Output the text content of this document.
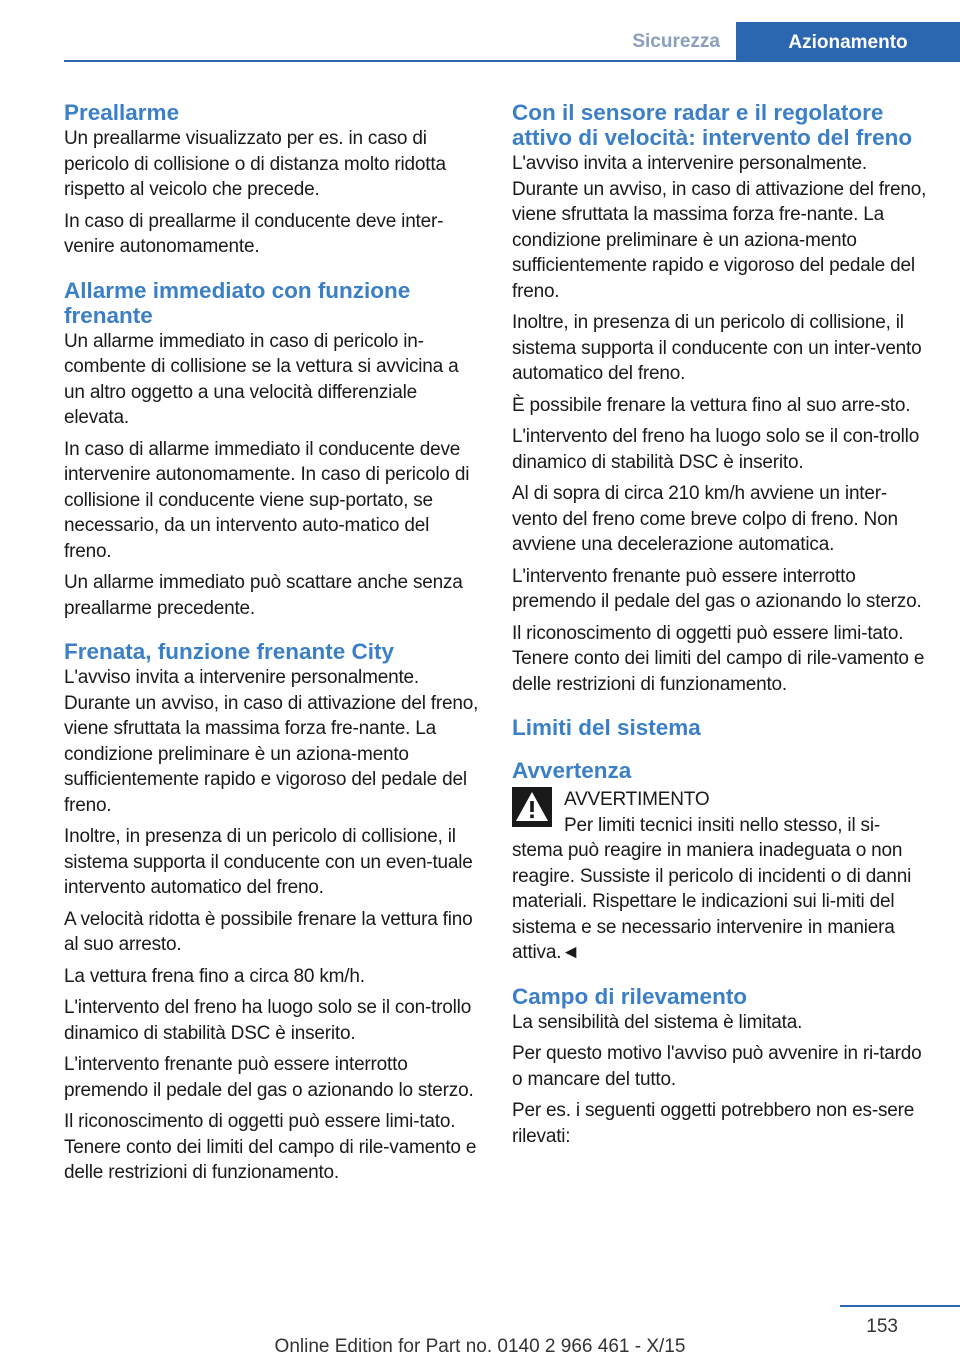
Sicurezza	Azionamento
Preallarme

Un preallarme visualizzato per es. in caso di pericolo di collisione o di distanza molto ridotta rispetto al veicolo che precede.

In caso di preallarme il conducente deve inter-venire autonomamente.

Allarme immediato con funzione frenante

Un allarme immediato in caso di pericolo in-combente di collisione se la vettura si avvicina a un altro oggetto a una velocità differenziale elevata.

In caso di allarme immediato il conducente deve intervenire autonomamente. In caso di pericolo di collisione il conducente viene sup-portato, se necessario, da un intervento auto-matico del freno.

Un allarme immediato può scattare anche senza preallarme precedente.

Frenata, funzione frenante City

L'avviso invita a intervenire personalmente. Durante un avviso, in caso di attivazione del freno, viene sfruttata la massima forza fre-nante. La condizione preliminare è un aziona-mento sufficientemente rapido e vigoroso del pedale del freno.

Inoltre, in presenza di un pericolo di collisione, il sistema supporta il conducente con un even-tuale intervento automatico del freno.

A velocità ridotta è possibile frenare la vettura fino al suo arresto.

La vettura frena fino a circa 80 km/h.

L'intervento del freno ha luogo solo se il con-trollo dinamico di stabilità DSC è inserito.

L'intervento frenante può essere interrotto premendo il pedale del gas o azionando lo sterzo.

Il riconoscimento di oggetti può essere limi-tato. Tenere conto dei limiti del campo di rile-vamento e delle restrizioni di funzionamento.

Con il sensore radar e il regolatore attivo di velocità: intervento del freno

L'avviso invita a intervenire personalmente. Durante un avviso, in caso di attivazione del freno, viene sfruttata la massima forza fre-nante. La condizione preliminare è un aziona-mento sufficientemente rapido e vigoroso del pedale del freno.

Inoltre, in presenza di un pericolo di collisione, il sistema supporta il conducente con un inter-vento automatico del freno.

È possibile frenare la vettura fino al suo arre-sto.

L'intervento del freno ha luogo solo se il con-trollo dinamico di stabilità DSC è inserito.

Al di sopra di circa 210 km/h avviene un inter-vento del freno come breve colpo di freno. Non avviene una decelerazione automatica.

L'intervento frenante può essere interrotto premendo il pedale del gas o azionando lo sterzo.

Il riconoscimento di oggetti può essere limi-tato. Tenere conto dei limiti del campo di rile-vamento e delle restrizioni di funzionamento.

Limiti del sistema
Avvertenza

AVVERTIMENTO

Per limiti tecnici insiti nello stesso, il si-stema può reagire in maniera inadeguata o non reagire. Sussiste il pericolo di incidenti o di danni materiali. Rispettare le indicazioni sui li-miti del sistema e se necessario intervenire in maniera attiva.◄

Campo di rilevamento

La sensibilità del sistema è limitata.

Per questo motivo l'avviso può avvenire in ri-tardo o mancare del tutto.

Per es. i seguenti oggetti potrebbero non es-sere rilevati:

153
Online Edition for Part no. 0140 2 966 461 - X/15
